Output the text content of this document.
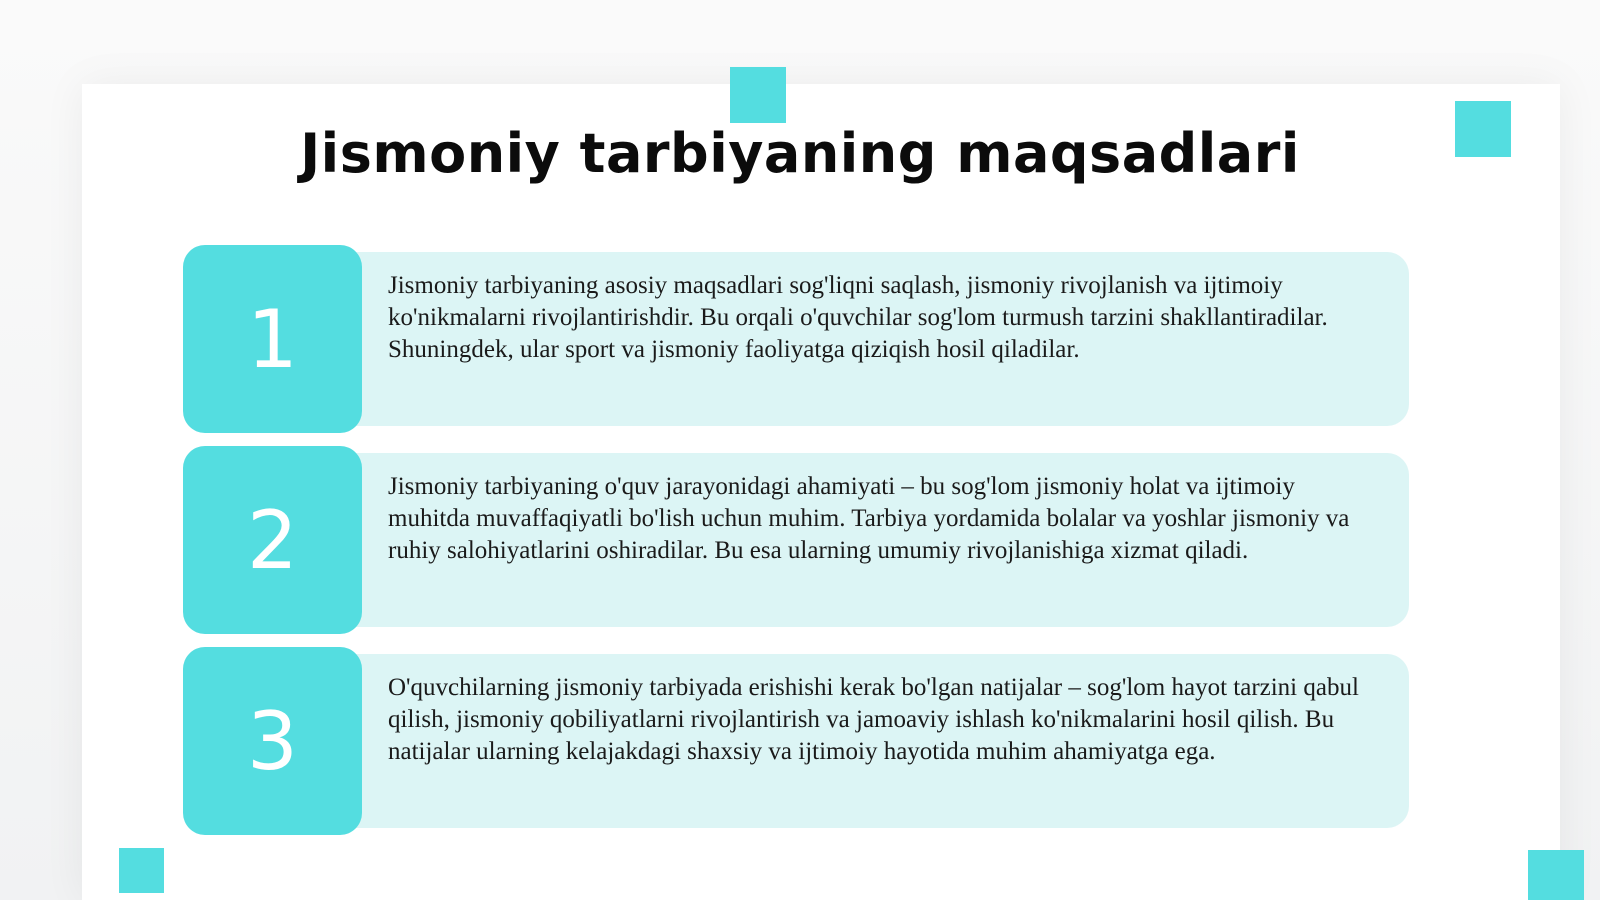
Jismoniy tarbiyaning maqsadlari
1
Jismoniy tarbiyaning asosiy maqsadlari sog'liqni saqlash, jismoniy rivojlanish va ijtimoiy ko'nikmalarni rivojlantirishdir. Bu orqali o'quvchilar sog'lom turmush tarzini shakllantiradilar. Shuningdek, ular sport va jismoniy faoliyatga qiziqish hosil qiladilar.
2
Jismoniy tarbiyaning o'quv jarayonidagi ahamiyati – bu sog'lom jismoniy holat va ijtimoiy muhitda muvaffaqiyatli bo'lish uchun muhim. Tarbiya yordamida bolalar va yoshlar jismoniy va ruhiy salohiyatlarini oshiradilar. Bu esa ularning umumiy rivojlanishiga xizmat qiladi.
3
O'quvchilarning jismoniy tarbiyada erishishi kerak bo'lgan natijalar – sog'lom hayot tarzini qabul qilish, jismoniy qobiliyatlarni rivojlantirish va jamoaviy ishlash ko'nikmalarini hosil qilish. Bu natijalar ularning kelajakdagi shaxsiy va ijtimoiy hayotida muhim ahamiyatga ega.
